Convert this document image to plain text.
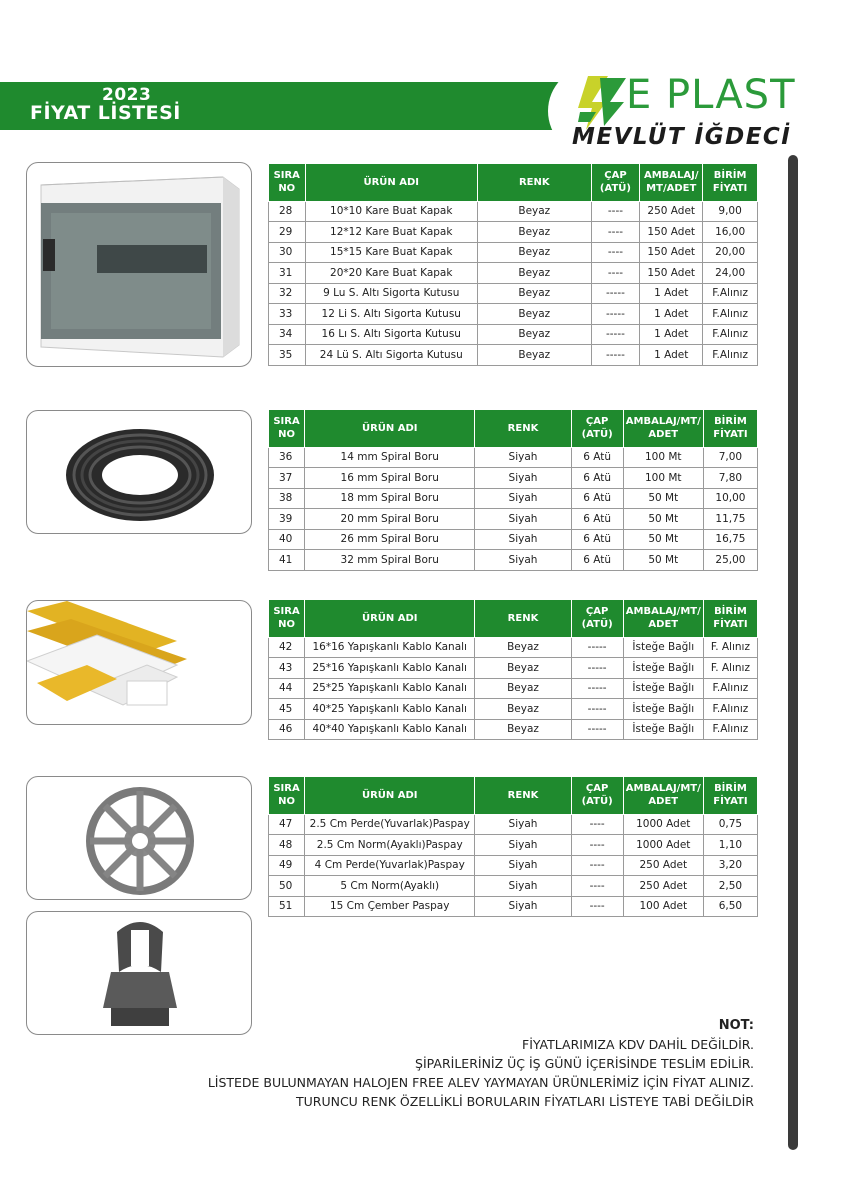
2023
FİYAT LİSTESİ	E PLAST
MEVLÜT İĞDECİ
SIRA NO	ÜRÜN ADI	RENK	ÇAP (ATÜ)	AMBALAJ/ MT/ADET	BİRİM FİYATI
28	10*10 Kare Buat Kapak	Beyaz	----	250 Adet	9,00
29	12*12 Kare Buat Kapak	Beyaz	----	150 Adet	16,00
30	15*15 Kare Buat Kapak	Beyaz	----	150 Adet	20,00
31	20*20 Kare Buat Kapak	Beyaz	----	150 Adet	24,00
32	9 Lu S. Altı Sigorta Kutusu	Beyaz	-----	1 Adet	F.Alınız
33	12 Li S. Altı Sigorta Kutusu	Beyaz	-----	1 Adet	F.Alınız
34	16 Lı S. Altı Sigorta Kutusu	Beyaz	-----	1 Adet	F.Alınız
35	24 Lü S. Altı Sigorta Kutusu	Beyaz	-----	1 Adet	F.Alınız
SIRA NO	ÜRÜN ADI	RENK	ÇAP (ATÜ)	AMBALAJ/MT/ ADET	BİRİM FİYATI
36	14 mm Spiral Boru	Siyah	6 Atü	100 Mt	7,00
37	16 mm Spiral Boru	Siyah	6 Atü	100 Mt	7,80
38	18 mm Spiral Boru	Siyah	6 Atü	50 Mt	10,00
39	20 mm Spiral Boru	Siyah	6 Atü	50 Mt	11,75
40	26 mm Spiral Boru	Siyah	6 Atü	50 Mt	16,75
41	32 mm Spiral Boru	Siyah	6 Atü	50 Mt	25,00
SIRA NO	ÜRÜN ADI	RENK	ÇAP (ATÜ)	AMBALAJ/MT/ ADET	BİRİM FİYATI
42	16*16 Yapışkanlı Kablo Kanalı	Beyaz	-----	İsteğe Bağlı	F. Alınız
43	25*16 Yapışkanlı Kablo Kanalı	Beyaz	-----	İsteğe Bağlı	F. Alınız
44	25*25 Yapışkanlı Kablo Kanalı	Beyaz	-----	İsteğe Bağlı	F.Alınız
45	40*25 Yapışkanlı Kablo Kanalı	Beyaz	-----	İsteğe Bağlı	F.Alınız
46	40*40 Yapışkanlı Kablo Kanalı	Beyaz	-----	İsteğe Bağlı	F.Alınız
SIRA NO	ÜRÜN ADI	RENK	ÇAP (ATÜ)	AMBALAJ/MT/ ADET	BİRİM FİYATI
47	2.5 Cm Perde(Yuvarlak)Paspay	Siyah	----	1000 Adet	0,75
48	2.5 Cm Norm(Ayaklı)Paspay	Siyah	----	1000 Adet	1,10
49	4 Cm Perde(Yuvarlak)Paspay	Siyah	----	250 Adet	3,20
50	5 Cm Norm(Ayaklı)	Siyah	----	250 Adet	2,50
51	15 Cm Çember Paspay	Siyah	----	100 Adet	6,50
NOT:
FİYATLARIMIZA KDV DAHİL DEĞİLDİR.
ŞİPARİLERİNİZ ÜÇ İŞ GÜNÜ İÇERİSİNDE TESLİM EDİLİR.
LİSTEDE BULUNMAYAN HALOJEN FREE ALEV YAYMAYAN ÜRÜNLERİMİZ İÇİN FİYAT ALINIZ.
TURUNCU RENK ÖZELLİKLİ BORULARIN FİYATLARI LİSTEYE TABİ DEĞİLDİR
